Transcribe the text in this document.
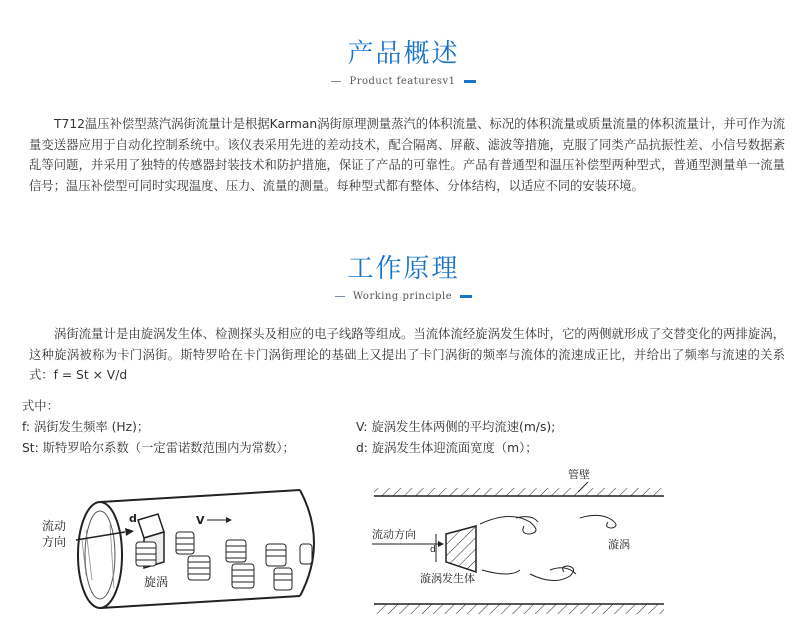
产品概述
Product featuresv1
T712温压补偿型蒸汽涡街流量计是根据Karman涡街原理测量蒸汽的体积流量、标况的体积流量或质量流量的体积流量计，并可作为流量变送器应用于自动化控制系统中。该仪表采用先进的差动技术，配合隔离、屏蔽、滤波等措施，克服了同类产品抗振性差、小信号数据紊乱等问题，并采用了独特的传感器封装技术和防护措施，保证了产品的可靠性。产品有普通型和温压补偿型两种型式，普通型测量单一流量信号；温压补偿型可同时实现温度、压力、流量的测量。每种型式都有整体、分体结构，以适应不同的安装环境。
工作原理
Working principle
涡街流量计是由旋涡发生体、检测探头及相应的电子线路等组成。当流体流经旋涡发生体时，它的两侧就形成了交替变化的两排旋涡，这种旋涡被称为卡门涡街。斯特罗哈在卡门涡街理论的基础上又提出了卡门涡街的频率与流体的流速成正比，并给出了频率与流速的关系式：f = St × V/d
式中：
f: 涡街发生频率 (Hz)；	V: 旋涡发生体两侧的平均流速(m/s);
St: 斯特罗哈尔系数（一定雷诺数范围内为常数）；	d: 旋涡发生体迎流面宽度（m）；
d	V
流动
方向
旋涡
管壁
d
流动方向
漩涡发生体
漩涡
